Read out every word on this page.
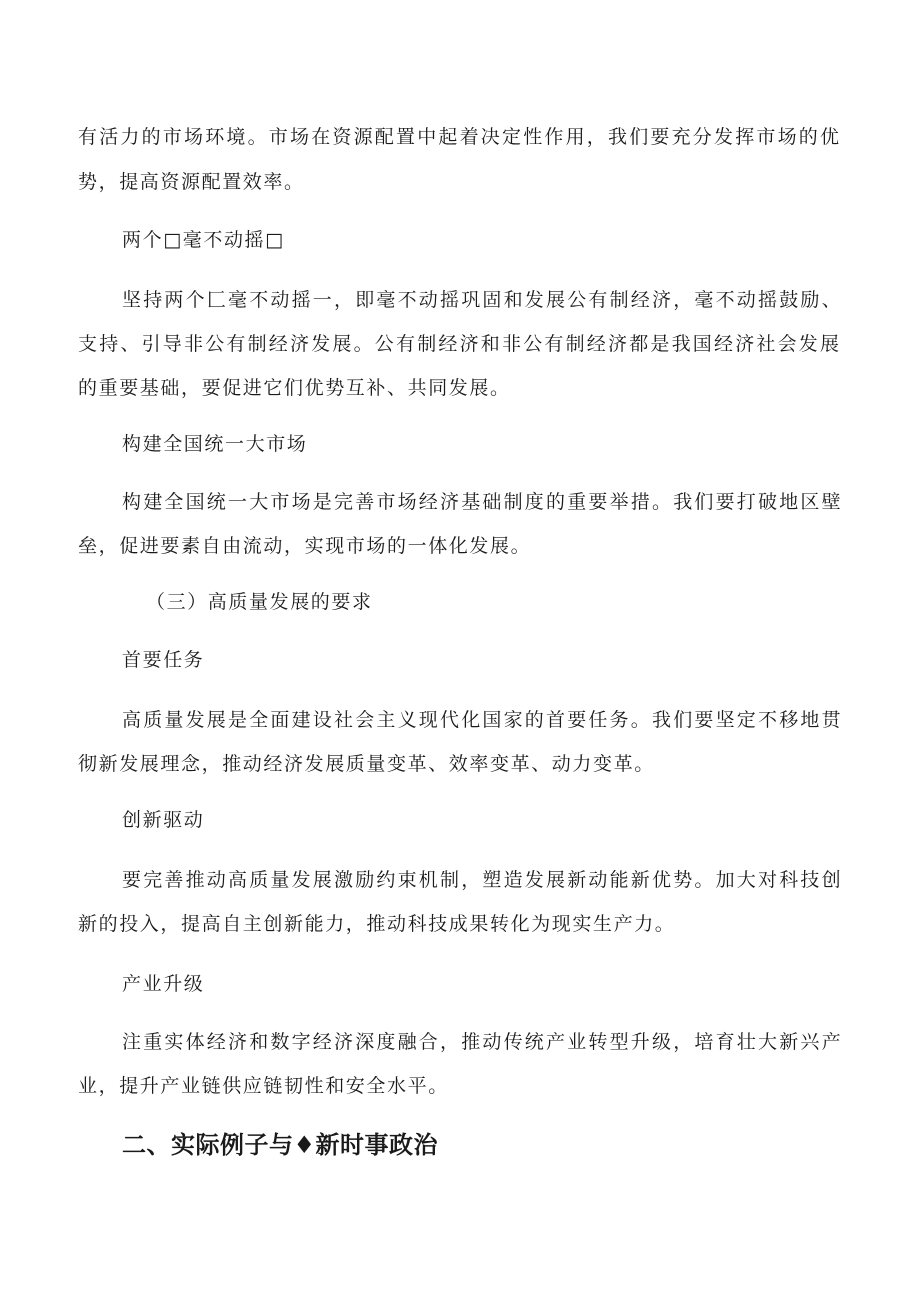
有活力的市场环境。市场在资源配置中起着决定性作用，我们要充分发挥市场的优

势，提高资源配置效率。

两个□毫不动摇□

坚持两个匚毫不动摇一，即毫不动摇巩固和发展公有制经济，毫不动摇鼓励、

支持、引导非公有制经济发展。公有制经济和非公有制经济都是我国经济社会发展

的重要基础，要促进它们优势互补、共同发展。

构建全国统一大市场

构建全国统一大市场是完善市场经济基础制度的重要举措。我们要打破地区壁

垒，促进要素自由流动，实现市场的一体化发展。

（三）高质量发展的要求

首要任务

高质量发展是全面建设社会主义现代化国家的首要任务。我们要坚定不移地贯

彻新发展理念，推动经济发展质量变革、效率变革、动力变革。

创新驱动

要完善推动高质量发展激励约束机制，塑造发展新动能新优势。加大对科技创

新的投入，提高自主创新能力，推动科技成果转化为现实生产力。

产业升级

注重实体经济和数字经济深度融合，推动传统产业转型升级，培育壮大新兴产

业，提升产业链供应链韧性和安全水平。

二、实际例子与♦新时事政治
